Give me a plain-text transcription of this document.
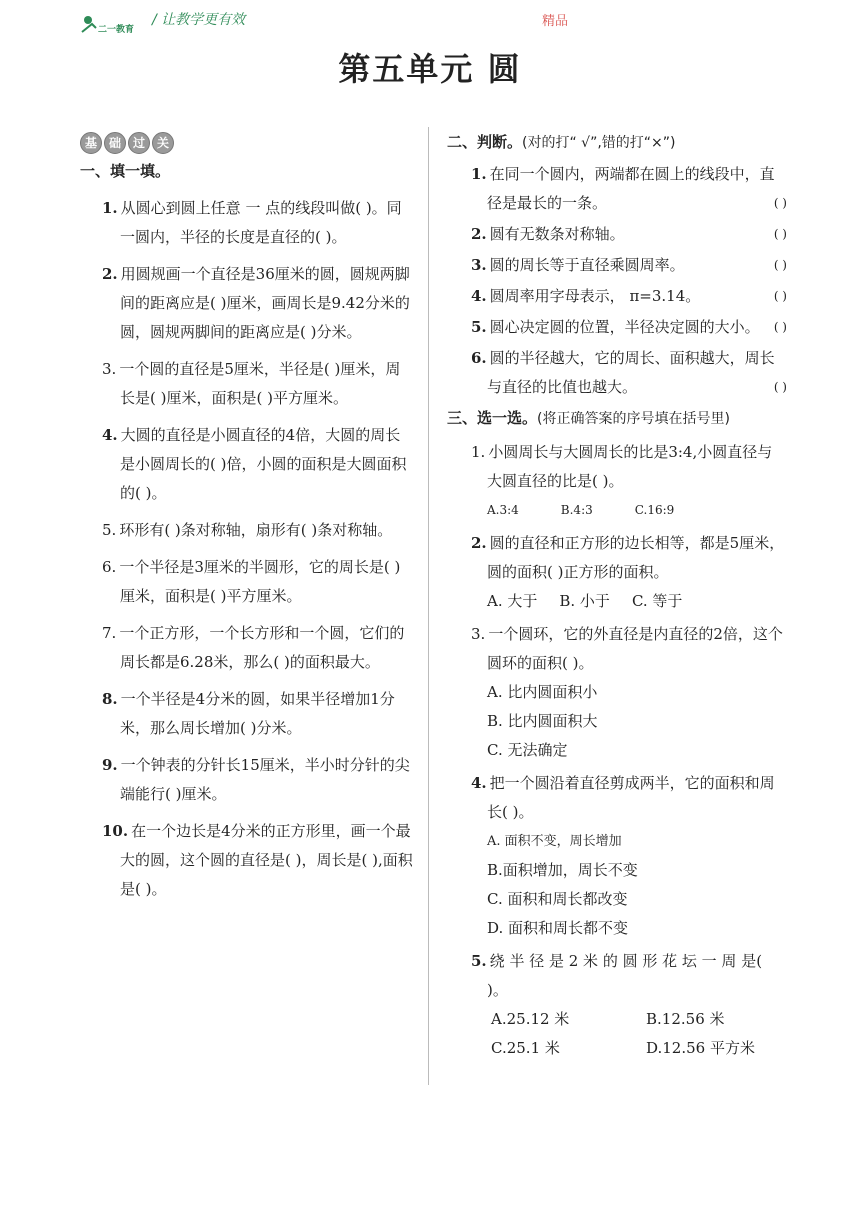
二一教育
/ 让教学更有效	精品
第五单元 圆
基 础 过 关
一、填一填。
1. 从圆心到圆上任意 一 点的线段叫做( )。同一圆内，半径的长度是直径的( )。
2. 用圆规画一个直径是36厘米的圆，圆规两脚间的距离应是( )厘米，画周长是9.42分米的圆，圆规两脚间的距离应是( )分米。
3. 一个圆的直径是5厘米，半径是( )厘米，周长是( )厘米，面积是( )平方厘米。
4. 大圆的直径是小圆直径的4倍，大圆的周长是小圆周长的( )倍，小圆的面积是大圆面积的( )。
5. 环形有( )条对称轴，扇形有( )条对称轴。
6. 一个半径是3厘米的半圆形，它的周长是( )厘米，面积是( )平方厘米。
7. 一个正方形，一个长方形和一个圆，它们的周长都是6.28米，那么( )的面积最大。
8. 一个半径是4分米的圆，如果半径增加1分米，那么周长增加( )分米。
9. 一个钟表的分针长15厘米，半小时分针的尖端能行( )厘米。
10. 在一个边长是4分米的正方形里，画一个最大的圆，这个圆的直径是( )，周长是( ),面积是( )。
二、判断。(对的打“ √”,错的打“×”)
1. 在同一个圆内，两端都在圆上的线段中，直径是最长的一条。	( )
2. 圆有无数条对称轴。	( )
3. 圆的周长等于直径乘圆周率。	( )
4. 圆周率用字母表示， π=3.14。	( )
5. 圆心决定圆的位置，半径决定圆的大小。 ( )
6. 圆的半径越大，它的周长、面积越大，周长与直径的比值也越大。	( )
三、选一选。(将正确答案的序号填在括号里)
1. 小圆周长与大圆周长的比是3:4,小圆直径与大圆直径的比是( )。
A.3:4	B.4:3	C.16:9
2. 圆的直径和正方形的边长相等，都是5厘米，圆的面积( )正方形的面积。
A. 大于 B. 小于 C. 等于
3. 一个圆环，它的外直径是内直径的2倍，这个圆环的面积( )。
A. 比内圆面积小
B. 比内圆面积大
C. 无法确定
4. 把一个圆沿着直径剪成两半，它的面积和周长( )。
A. 面积不变，周长增加
B.面积增加，周长不变
C. 面积和周长都改变
D. 面积和周长都不变
5. 绕 半 径 是 2 米 的 圆 形 花 坛 一 周 是( )。
A.25.12 米	B.12.56 米
C.25.1 米	D.12.56 平方米
